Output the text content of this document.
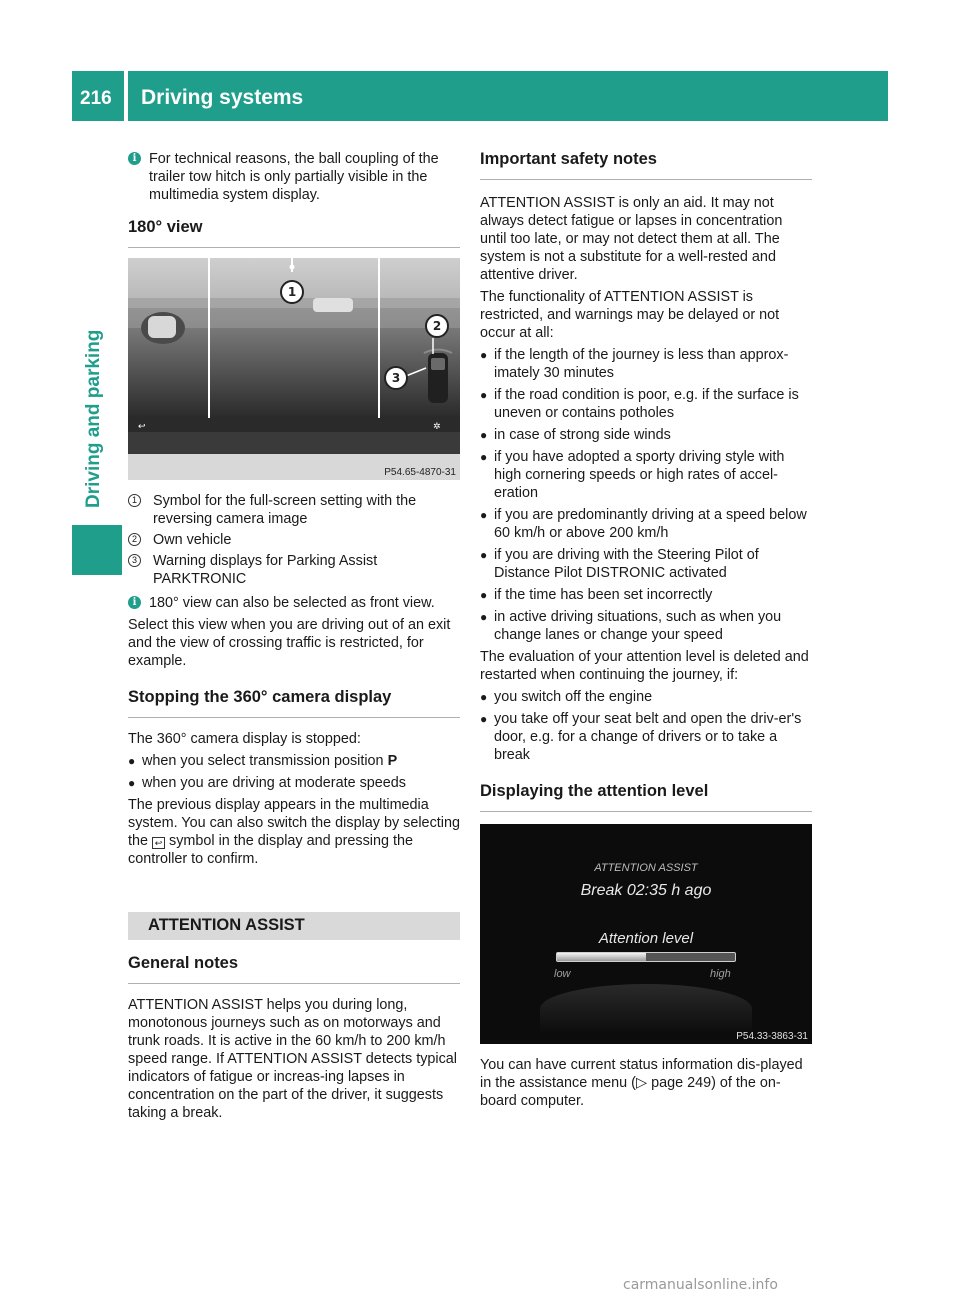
216 Driving systems
Driving and parking
i For technical reasons, the ball coupling of the trailer tow hitch is only partially visible in the multimedia system display.
180° view
↩	✲
1
2
3
P54.65-4870-31
1 Symbol for the full-screen setting with the reversing camera image
2 Own vehicle
3 Warning displays for Parking Assist PARKTRONIC
i 180° view can also be selected as front view.

Select this view when you are driving out of an exit and the view of crossing traffic is restricted, for example.

Stopping the 360° camera display

The 360° camera display is stopped:

● when you select transmission position P
● when you are driving at moderate speeds

The previous display appears in the multimedia system. You can also switch the display by selecting the ↩ symbol in the display and pressing the controller to confirm.

ATTENTION ASSIST
General notes

ATTENTION ASSIST helps you during long, monotonous journeys such as on motorways and trunk roads. It is active in the 60 km/h to 200 km/h speed range. If ATTENTION ASSIST detects typical indicators of fatigue or increas-ing lapses in concentration on the part of the driver, it suggests taking a break.

Important safety notes

ATTENTION ASSIST is only an aid. It may not always detect fatigue or lapses in concentration until too late, or may not detect them at all. The system is not a substitute for a well-rested and attentive driver.

The functionality of ATTENTION ASSIST is restricted, and warnings may be delayed or not occur at all:

● if the length of the journey is less than approx-imately 30 minutes
● if the road condition is poor, e.g. if the surface is uneven or contains potholes
● in case of strong side winds
● if you have adopted a sporty driving style with high cornering speeds or high rates of accel-eration
● if you are predominantly driving at a speed below 60 km/h or above 200 km/h
● if you are driving with the Steering Pilot of Distance Pilot DISTRONIC activated
● if the time has been set incorrectly
● in active driving situations, such as when you change lanes or change your speed

The evaluation of your attention level is deleted and restarted when continuing the journey, if:

● you switch off the engine
● you take off your seat belt and open the driv-er's door, e.g. for a change of drivers or to take a break
Displaying the attention level
ATTENTION ASSIST
Break 02:35 h ago
Attention level
low	high
P54.33-3863-31

You can have current status information dis-played in the assistance menu (▷ page 249) of the on-board computer.

carmanualsonline.info
